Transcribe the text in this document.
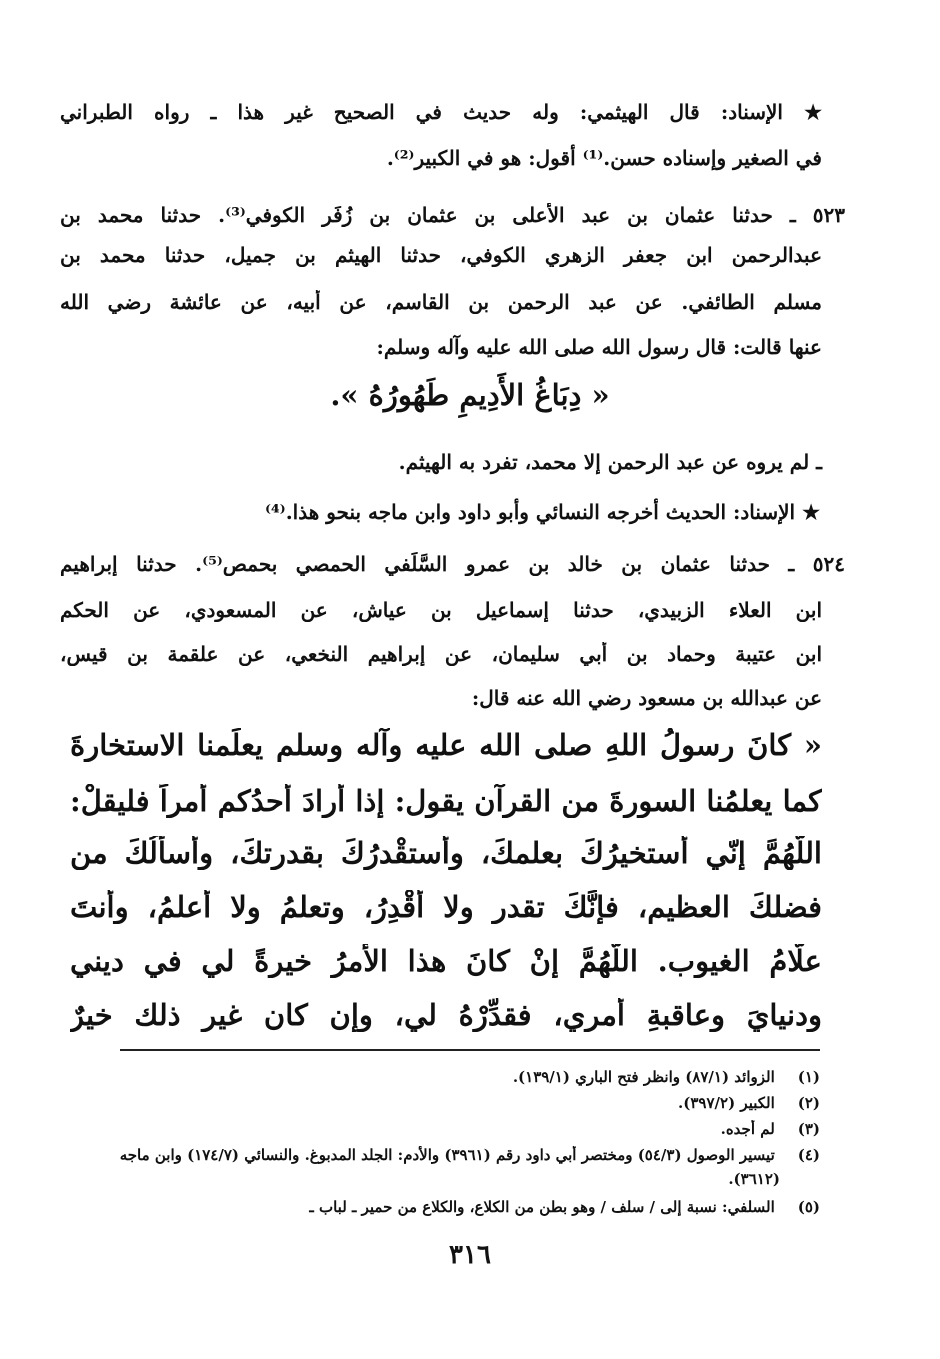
★ الإسناد: قال الهيثمي: وله حديث في الصحيح غير هذا ـ رواه الطبراني
في الصغير وإسناده حسن.⁽¹⁾ أقول: هو في الكبير⁽²⁾.
٥٢٣ ـ حدثنا عثمان بن عبد الأعلى بن عثمان بن زُفَر الكوفي⁽³⁾. حدثنا محمد بن
عبدالرحمن ابن جعفر الزهري الكوفي، حدثنا الهيثم بن جميل، حدثنا محمد بن
مسلم الطائفي. عن عبد الرحمن بن القاسم، عن أبيه، عن عائشة رضي الله
عنها قالت: قال رسول الله صلى الله عليه وآله وسلم:
« دِبَاغُ الأَدِيمِ طَهُورُهُ ».
ـ لم يروه عن عبد الرحمن إلا محمد، تفرد به الهيثم.
★ الإسناد: الحديث أخرجه النسائي وأبو داود وابن ماجه بنحو هذا.⁽⁴⁾
٥٢٤ ـ حدثنا عثمان بن خالد بن عمرو السَّلَفي الحمصي بحمص⁽⁵⁾. حدثنا إبراهيم
ابن العلاء الزبيدي، حدثنا إسماعيل بن عياش، عن المسعودي، عن الحكم
ابن عتيبة وحماد بن أبي سليمان، عن إبراهيم النخعي، عن علقمة بن قيس،
عن عبدالله بن مسعود رضي الله عنه قال:
« كانَ رسولُ اللهِ صلى الله عليه وآله وسلم يعلِّمنا الاستخارةَ
كما يعلمُنا السورةَ من القرآن يقول: إذا أرادَ أحدُكم أمراً فليقلْ:
اللَّهُمَّ إنّي أستخيرُكَ بعلمكَ، وأستقْدرُكَ بقدرتكَ، وأسألُكَ من
فضلكَ العظيمِ، فإنَّكَ تقدر ولا أَقْدِرُ، وتعلمُ ولا أعلمُ، وأنتَ
علَّامُ الغيوب. اللَّهُمَّ إنْ كانَ هذا الأمرُ خيرةً لي في ديني
ودنيايَ وعاقبةِ أمري، فقدِّرْهُ لي، وإن كان غير ذلك خيرٌ
(١) الزوائد (٨٧/١) وانظر فتح الباري (١٣٩/١).
(٢) الكبير (٣٩٧/٢).
(٣) لم أجده.
(٤) تيسير الوصول (٥٤/٣) ومختصر أبي داود رقم (٣٩٦١) والأدم: الجلد المدبوغ. والنسائي (١٧٤/٧) وابن ماجه
(٣٦١٢).
(٥) السلفي: نسبة إلى / سلف / وهو بطن من الكلاع، والكلاع من حمير ـ لباب ـ
٣١٦
